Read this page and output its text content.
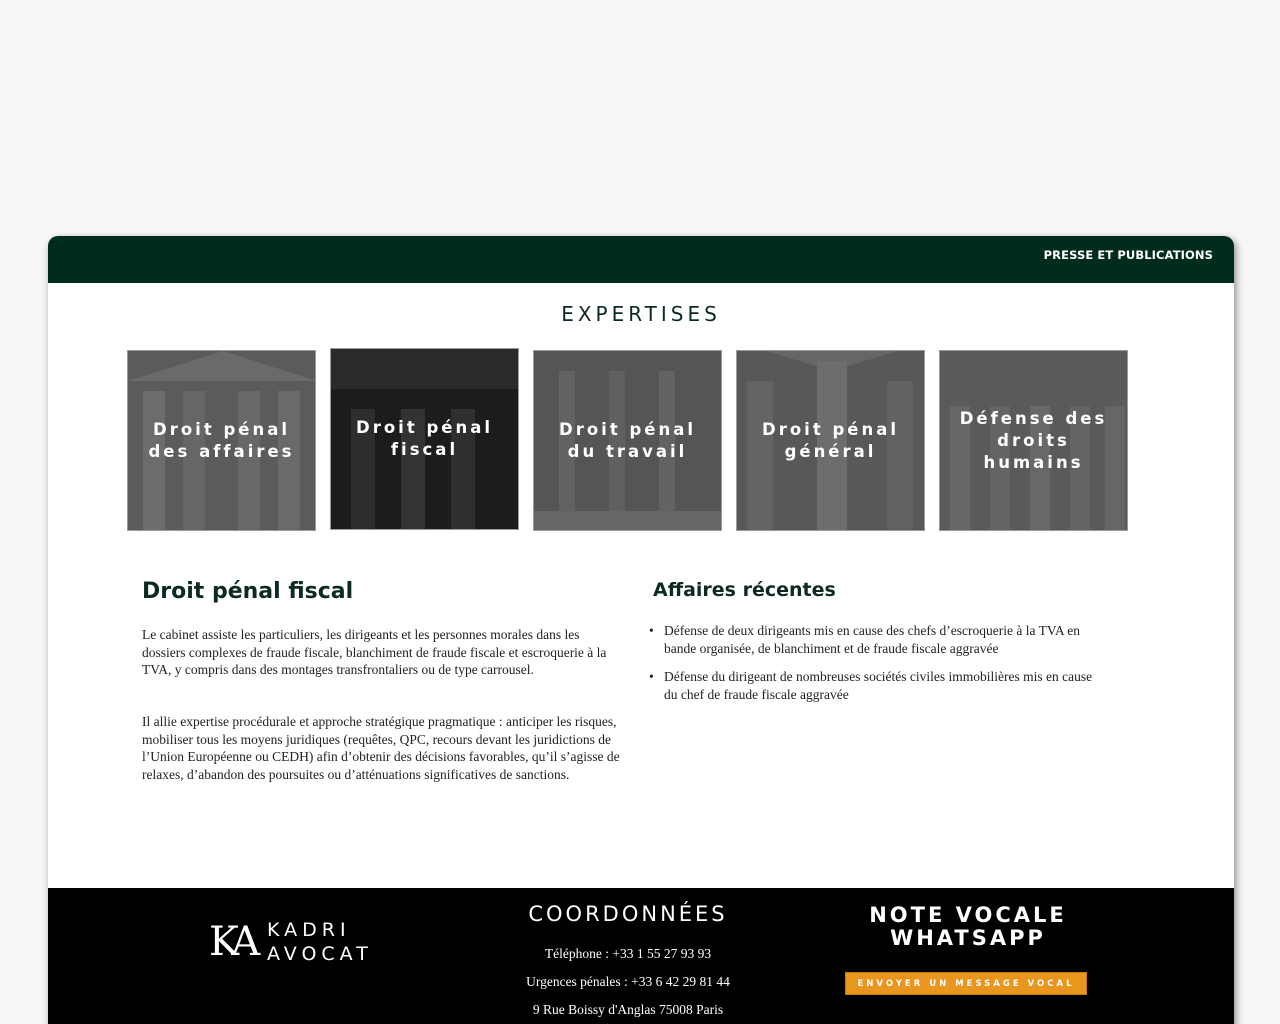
PRESSE ET PUBLICATIONS
EXPERTISES
Droit pénal
des affaires
Droit pénal
fiscal
Droit pénal
du travail
Droit pénal
général
Défense des
droits
humains
Droit pénal fiscal

Le cabinet assiste les particuliers, les dirigeants et les personnes morales dans les dossiers complexes de fraude fiscale, blanchiment de fraude fiscale et escroquerie à la TVA, y compris dans des montages transfrontaliers ou de type carrousel.

Il allie expertise procédurale et approche stratégique pragmatique : anticiper les risques, mobiliser tous les moyens juridiques (requêtes, QPC, recours devant les juridictions de l’Union Européenne ou CEDH) afin d’obtenir des décisions favorables, qu’il s’agisse de relaxes, d’abandon des poursuites ou d’atténuations significatives de sanctions.

Affaires récentes
• Défense de deux dirigeants mis en cause des chefs d’escroquerie à la TVA en bande organisée, de blanchiment et de fraude fiscale aggravée
• Défense du dirigeant de nombreuses sociétés civiles immobilières mis en cause du chef de fraude fiscale aggravée
KA KADRI
AVOCAT
COORDONNÉES
Téléphone : +33 1 55 27 93 93
Urgences pénales : +33 6 42 29 81 44
9 Rue Boissy d'Anglas 75008 Paris
NOTE VOCALE
WHATSAPP
ENVOYER UN MESSAGE VOCAL
